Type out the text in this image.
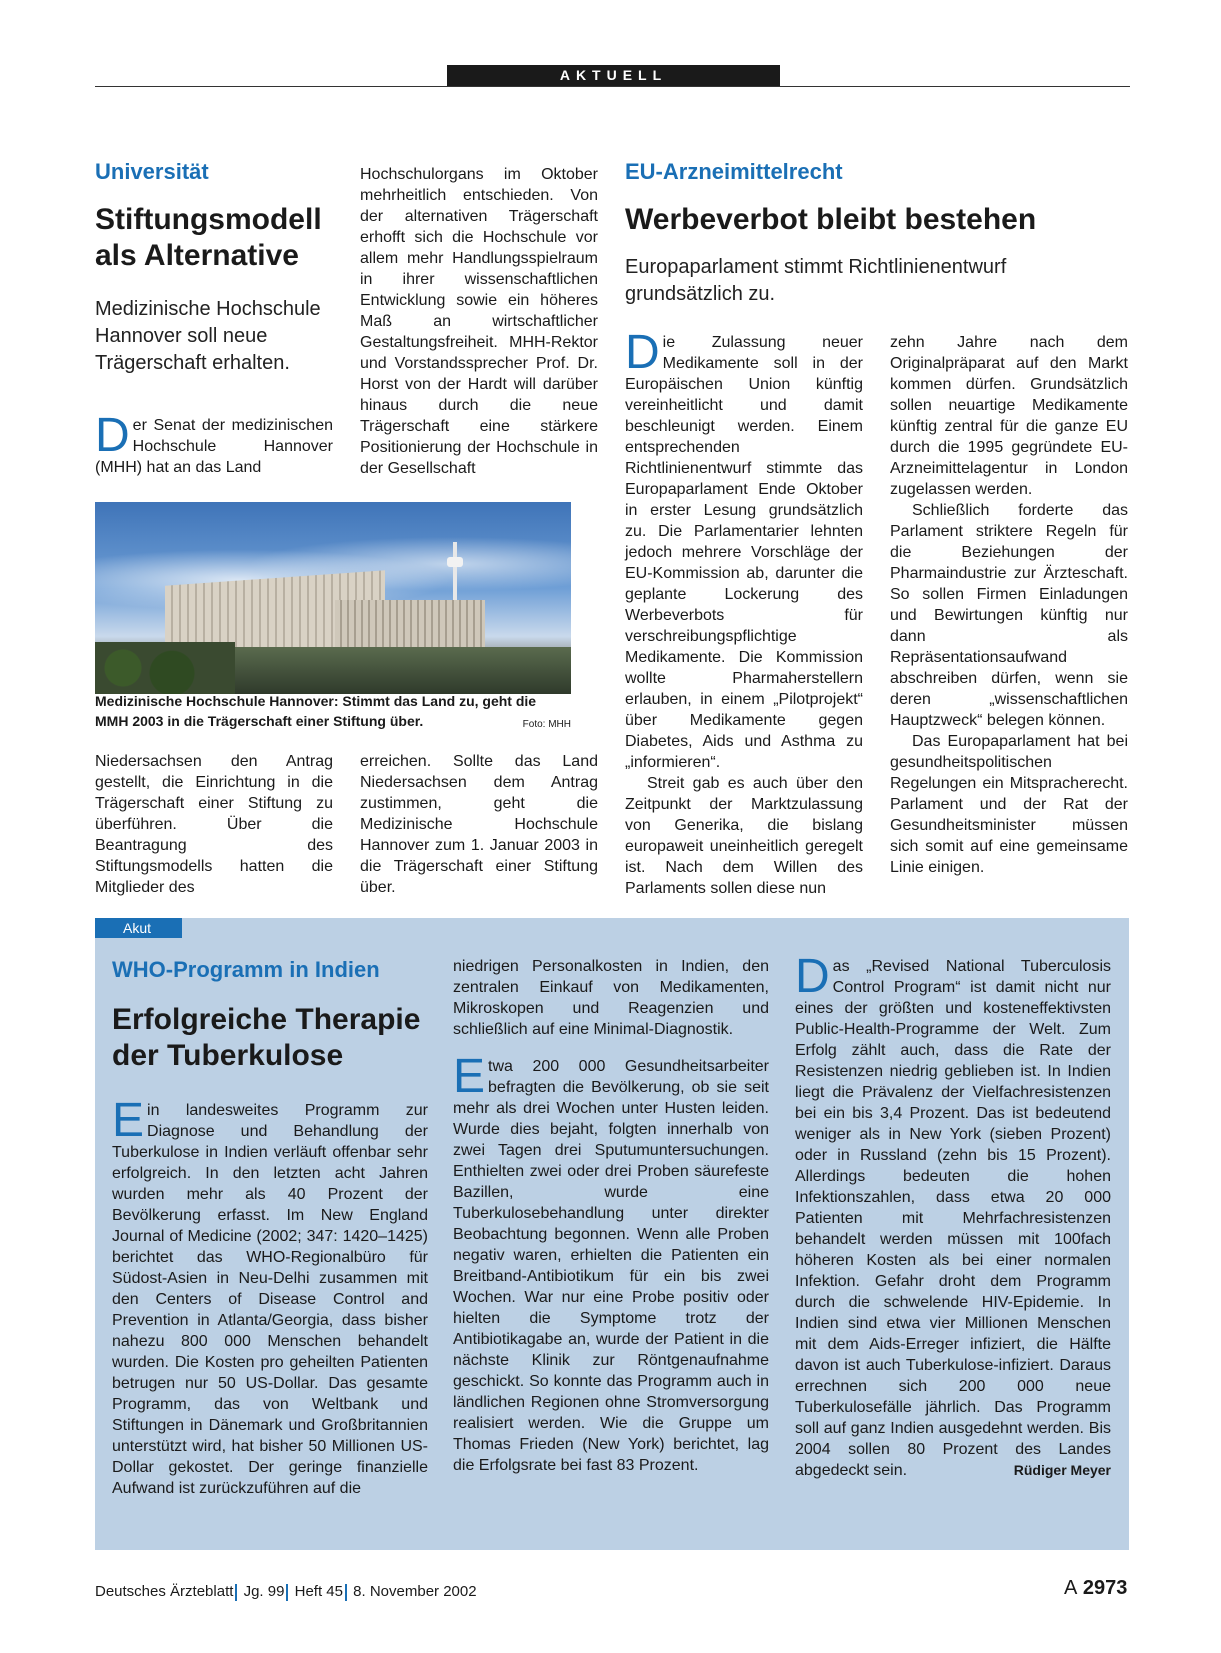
AKTUELL
Universität
Stiftungsmodell
als Alternative
Medizinische Hochschule Hannover soll neue Trägerschaft erhalten.
Der Senat der medizinischen Hochschule Hannover (MHH) hat an das Land
Hochschulorgans im Oktober mehrheitlich entschieden. Von der alternativen Trägerschaft erhofft sich die Hochschule vor allem mehr Handlungsspielraum in ihrer wissenschaftlichen Entwicklung sowie ein höheres Maß an wirtschaftlicher Gestaltungsfreiheit. MHH-Rektor und Vorstandssprecher Prof. Dr. Horst von der Hardt will darüber hinaus durch die neue Trägerschaft eine stärkere Positionierung der Hochschule in der Gesellschaft
Medizinische Hochschule Hannover: Stimmt das Land zu, geht die MMH 2003 in die Trägerschaft einer Stiftung über.	Foto: MHH
Niedersachsen den Antrag gestellt, die Einrichtung in die Trägerschaft einer Stiftung zu überführen. Über die Beantragung des Stiftungsmodells hatten die Mitglieder des
erreichen. Sollte das Land Niedersachsen dem Antrag zustimmen, geht die Medizinische Hochschule Hannover zum 1. Januar 2003 in die Trägerschaft einer Stiftung über.
EU-Arzneimittelrecht
Werbeverbot bleibt bestehen
Europaparlament stimmt Richtlinienentwurf grundsätzlich zu.

Die Zulassung neuer Medikamente soll in der Europäischen Union künftig vereinheitlicht und damit beschleunigt werden. Einem entsprechenden Richtlinienentwurf stimmte das Europaparlament Ende Oktober in erster Lesung grundsätzlich zu. Die Parlamentarier lehnten jedoch mehrere Vorschläge der EU-Kommission ab, darunter die geplante Lockerung des Werbeverbots für verschreibungspflichtige Medikamente. Die Kommission wollte Pharmaherstellern erlauben, in einem „Pilotprojekt“ über Medikamente gegen Diabetes, Aids und Asthma zu „informieren“.

Streit gab es auch über den Zeitpunkt der Marktzulassung von Generika, die bislang europaweit uneinheitlich geregelt ist. Nach dem Willen des Parlaments sollen diese nun

zehn Jahre nach dem Originalpräparat auf den Markt kommen dürfen. Grundsätzlich sollen neuartige Medikamente künftig zentral für die ganze EU durch die 1995 gegründete EU-Arzneimittelagentur in London zugelassen werden.

Schließlich forderte das Parlament striktere Regeln für die Beziehungen der Pharmaindustrie zur Ärzteschaft. So sollen Firmen Einladungen und Bewirtungen künftig nur dann als Repräsentationsaufwand abschreiben dürfen, wenn sie deren „wissenschaftlichen Hauptzweck“ belegen können.

Das Europaparlament hat bei gesundheitspolitischen Regelungen ein Mitspracherecht. Parlament und der Rat der Gesundheitsminister müssen sich somit auf eine gemeinsame Linie einigen.

Akut
WHO-Programm in Indien
Erfolgreiche Therapie
der Tuberkulose
Ein landesweites Programm zur Diagnose und Behandlung der Tuberkulose in Indien verläuft offenbar sehr erfolgreich. In den letzten acht Jahren wurden mehr als 40 Prozent der Bevölkerung erfasst. Im New England Journal of Medicine (2002; 347: 1420–1425) berichtet das WHO-Regionalbüro für Südost-Asien in Neu-Delhi zusammen mit den Centers of Disease Control and Prevention in Atlanta/Georgia, dass bisher nahezu 800 000 Menschen behandelt wurden. Die Kosten pro geheilten Patienten betrugen nur 50 US-Dollar. Das gesamte Programm, das von Weltbank und Stiftungen in Dänemark und Großbritannien unterstützt wird, hat bisher 50 Millionen US-Dollar gekostet. Der geringe finanzielle Aufwand ist zurückzuführen auf die

niedrigen Personalkosten in Indien, den zentralen Einkauf von Medikamenten, Mikroskopen und Reagenzien und schließlich auf eine Minimal-Diagnostik.

Etwa 200 000 Gesundheitsarbeiter befragten die Bevölkerung, ob sie seit mehr als drei Wochen unter Husten leiden. Wurde dies bejaht, folgten innerhalb von zwei Tagen drei Sputumuntersuchungen. Enthielten zwei oder drei Proben säurefeste Bazillen, wurde eine Tuberkulosebehandlung unter direkter Beobachtung begonnen. Wenn alle Proben negativ waren, erhielten die Patienten ein Breitband-Antibiotikum für ein bis zwei Wochen. War nur eine Probe positiv oder hielten die Symptome trotz der Antibiotikagabe an, wurde der Patient in die nächste Klinik zur Röntgenaufnahme geschickt. So konnte das Programm auch in ländlichen Regionen ohne Stromversorgung realisiert werden. Wie die Gruppe um Thomas Frieden (New York) berichtet, lag die Erfolgsrate bei fast 83 Prozent.

Das „Revised National Tuberculosis Control Program“ ist damit nicht nur eines der größten und kosteneffektivsten Public-Health-Programme der Welt. Zum Erfolg zählt auch, dass die Rate der Resistenzen niedrig geblieben ist. In Indien liegt die Prävalenz der Vielfachresistenzen bei ein bis 3,4 Prozent. Das ist bedeutend weniger als in New York (sieben Prozent) oder in Russland (zehn bis 15 Prozent). Allerdings bedeuten die hohen Infektionszahlen, dass etwa 20 000 Patienten mit Mehrfachresistenzen behandelt werden müssen mit 100fach höheren Kosten als bei einer normalen Infektion. Gefahr droht dem Programm durch die schwelende HIV-Epidemie. In Indien sind etwa vier Millionen Menschen mit dem Aids-Erreger infiziert, die Hälfte davon ist auch Tuberkulose-infiziert. Daraus errechnen sich 200 000 neue Tuberkulosefälle jährlich. Das Programm soll auf ganz Indien ausgedehnt werden. Bis 2004 sollen 80 Prozent des Landes abgedeckt sein.	Rüdiger Meyer
Deutsches Ärzteblatt Jg. 99 Heft 45 8. November 2002	A 2973
